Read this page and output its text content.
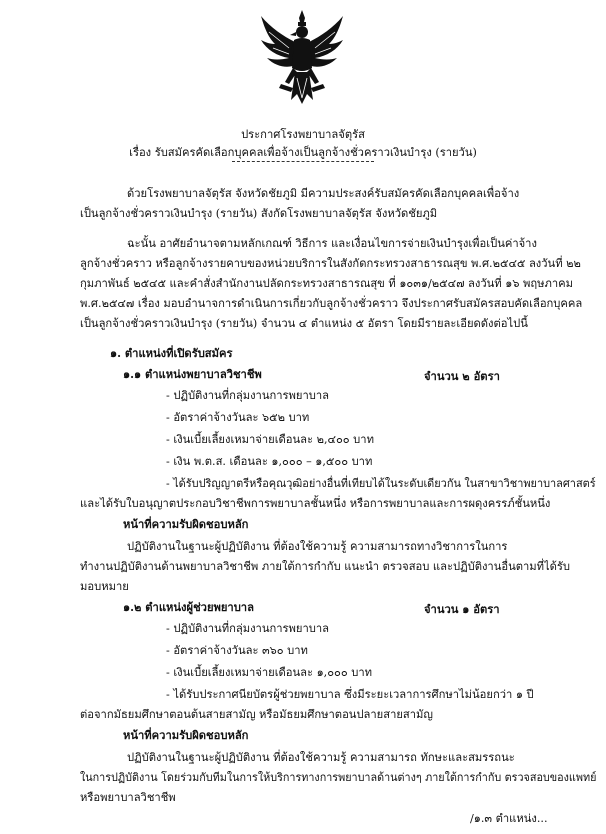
ประกาศโรงพยาบาลจัตุรัส
เรื่อง รับสมัครคัดเลือกบุคคลเพื่อจ้างเป็นลูกจ้างชั่วคราวเงินบำรุง (รายวัน)
ด้วยโรงพยาบาลจัตุรัส จังหวัดชัยภูมิ มีความประสงค์รับสมัครคัดเลือกบุคคลเพื่อจ้าง
เป็นลูกจ้างชั่วคราวเงินบำรุง (รายวัน) สังกัดโรงพยาบาลจัตุรัส จังหวัดชัยภูมิ
ฉะนั้น อาศัยอำนาจตามหลักเกณฑ์ วิธีการ และเงื่อนไขการจ่ายเงินบำรุงเพื่อเป็นค่าจ้าง
ลูกจ้างชั่วคราว หรือลูกจ้างรายคาบของหน่วยบริการในสังกัดกระทรวงสาธารณสุข พ.ศ.๒๕๔๕ ลงวันที่ ๒๒
กุมภาพันธ์ ๒๕๔๕ และคำสั่งสำนักงานปลัดกระทรวงสาธารณสุข ที่ ๑๐๓๑/๒๕๔๗ ลงวันที่ ๑๖ พฤษภาคม
พ.ศ.๒๕๔๗ เรื่อง มอบอำนาจการดำเนินการเกี่ยวกับลูกจ้างชั่วคราว จึงประกาศรับสมัครสอบคัดเลือกบุคคล
เป็นลูกจ้างชั่วคราวเงินบำรุง (รายวัน) จำนวน ๔ ตำแหน่ง ๕ อัตรา โดยมีรายละเอียดดังต่อไปนี้
๑. ตำแหน่งที่เปิดรับสมัคร
๑.๑ ตำแหน่งพยาบาลวิชาชีพ	จำนวน ๒ อัตรา
- ปฏิบัติงานที่กลุ่มงานการพยาบาล
- อัตราค่าจ้างวันละ ๖๕๒ บาท
- เงินเบี้ยเลี้ยงเหมาจ่ายเดือนละ ๒,๔๐๐ บาท
- เงิน พ.ต.ส. เดือนละ ๑,๐๐๐ – ๑,๕๐๐ บาท
- ได้รับปริญญาตรีหรือคุณวุฒิอย่างอื่นที่เทียบได้ในระดับเดียวกัน ในสาขาวิชาพยาบาลศาสตร์
และได้รับใบอนุญาตประกอบวิชาชีพการพยาบาลชั้นหนึ่ง หรือการพยาบาลและการผดุงครรภ์ชั้นหนึ่ง
หน้าที่ความรับผิดชอบหลัก
ปฏิบัติงานในฐานะผู้ปฏิบัติงาน ที่ต้องใช้ความรู้ ความสามารถทางวิชาการในการ
ทำงานปฏิบัติงานด้านพยาบาลวิชาชีพ ภายใต้การกำกับ แนะนำ ตรวจสอบ และปฏิบัติงานอื่นตามที่ได้รับ
มอบหมาย
๑.๒ ตำแหน่งผู้ช่วยพยาบาล	จำนวน ๑ อัตรา
- ปฏิบัติงานที่กลุ่มงานการพยาบาล
- อัตราค่าจ้างวันละ ๓๖๐ บาท
- เงินเบี้ยเลี้ยงเหมาจ่ายเดือนละ ๑,๐๐๐ บาท
- ได้รับประกาศนียบัตรผู้ช่วยพยาบาล ซึ่งมีระยะเวลาการศึกษาไม่น้อยกว่า ๑ ปี
ต่อจากมัธยมศึกษาตอนต้นสายสามัญ หรือมัธยมศึกษาตอนปลายสายสามัญ
หน้าที่ความรับผิดชอบหลัก
ปฏิบัติงานในฐานะผู้ปฏิบัติงาน ที่ต้องใช้ความรู้ ความสามารถ ทักษะและสมรรถนะ
ในการปฏิบัติงาน โดยร่วมกับทีมในการให้บริการทางการพยาบาลด้านต่างๆ ภายใต้การกำกับ ตรวจสอบของแพทย์
หรือพยาบาลวิชาชีพ
/๑.๓ ตำแหน่ง...
